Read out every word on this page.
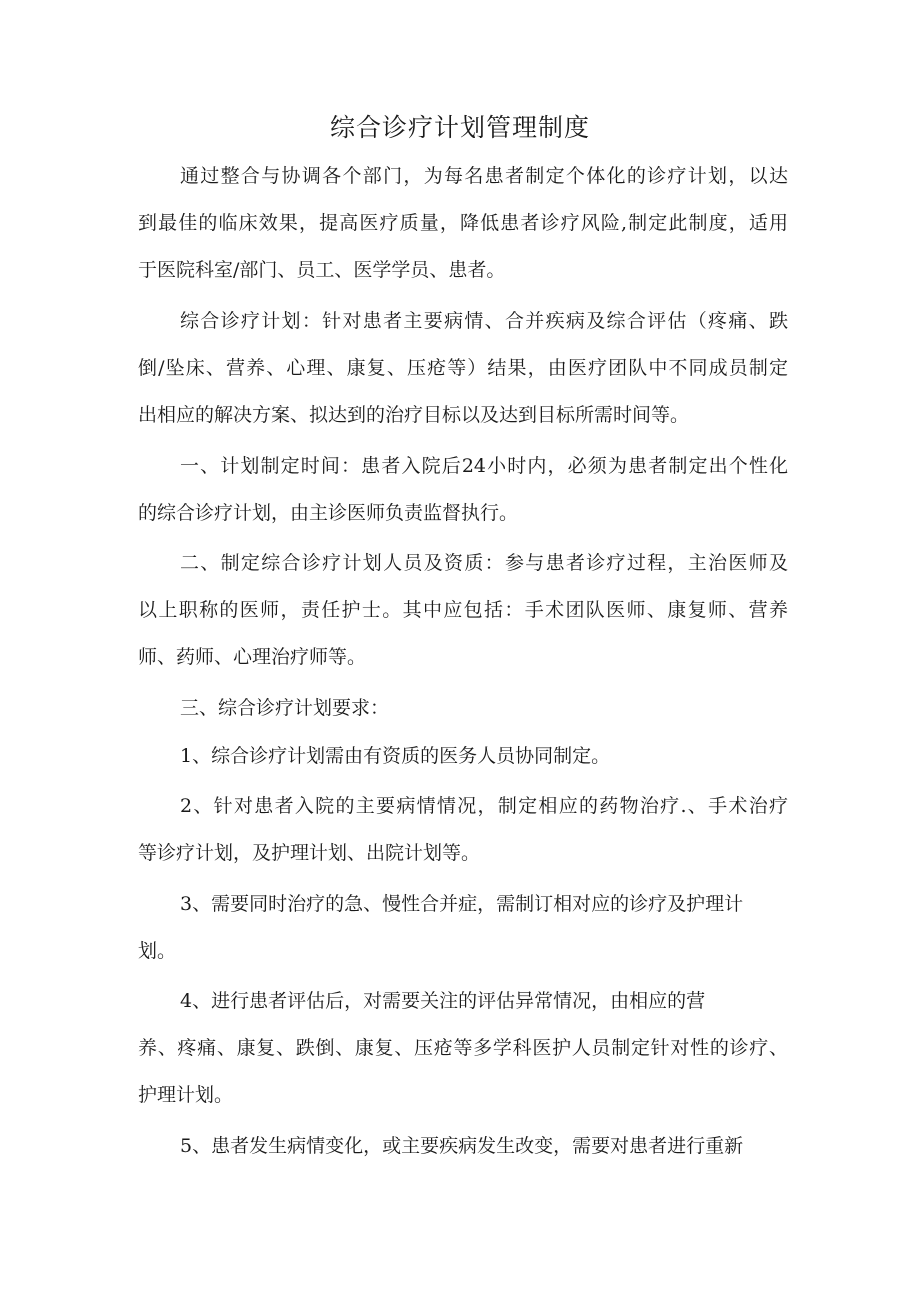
综合诊疗计划管理制度
通过整合与协调各个部门，为每名患者制定个体化的诊疗计划，以达
到最佳的临床效果，提高医疗质量，降低患者诊疗风险,制定此制度，适用
于医院科室/部门、员工、医学学员、患者。
综合诊疗计划：针对患者主要病情、合并疾病及综合评估（疼痛、跌
倒/坠床、营养、心理、康复、压疮等）结果，由医疗团队中不同成员制定
出相应的解决方案、拟达到的治疗目标以及达到目标所需时间等。
一、计划制定时间：患者入院后24小时内，必须为患者制定出个性化
的综合诊疗计划，由主诊医师负责监督执行。
二、制定综合诊疗计划人员及资质：参与患者诊疗过程，主治医师及
以上职称的医师，责任护士。其中应包括：手术团队医师、康复师、营养
师、药师、心理治疗师等。
三、综合诊疗计划要求：
1、综合诊疗计划需由有资质的医务人员协同制定。
2、针对患者入院的主要病情情况，制定相应的药物治疗.、手术治疗
等诊疗计划，及护理计划、出院计划等。
3、需要同时治疗的急、慢性合并症，需制订相对应的诊疗及护理计
划。
4、进行患者评估后，对需要关注的评估异常情况，由相应的营
养、疼痛、康复、跌倒、康复、压疮等多学科医护人员制定针对性的诊疗、
护理计划。
5、患者发生病情变化，或主要疾病发生改变，需要对患者进行重新
